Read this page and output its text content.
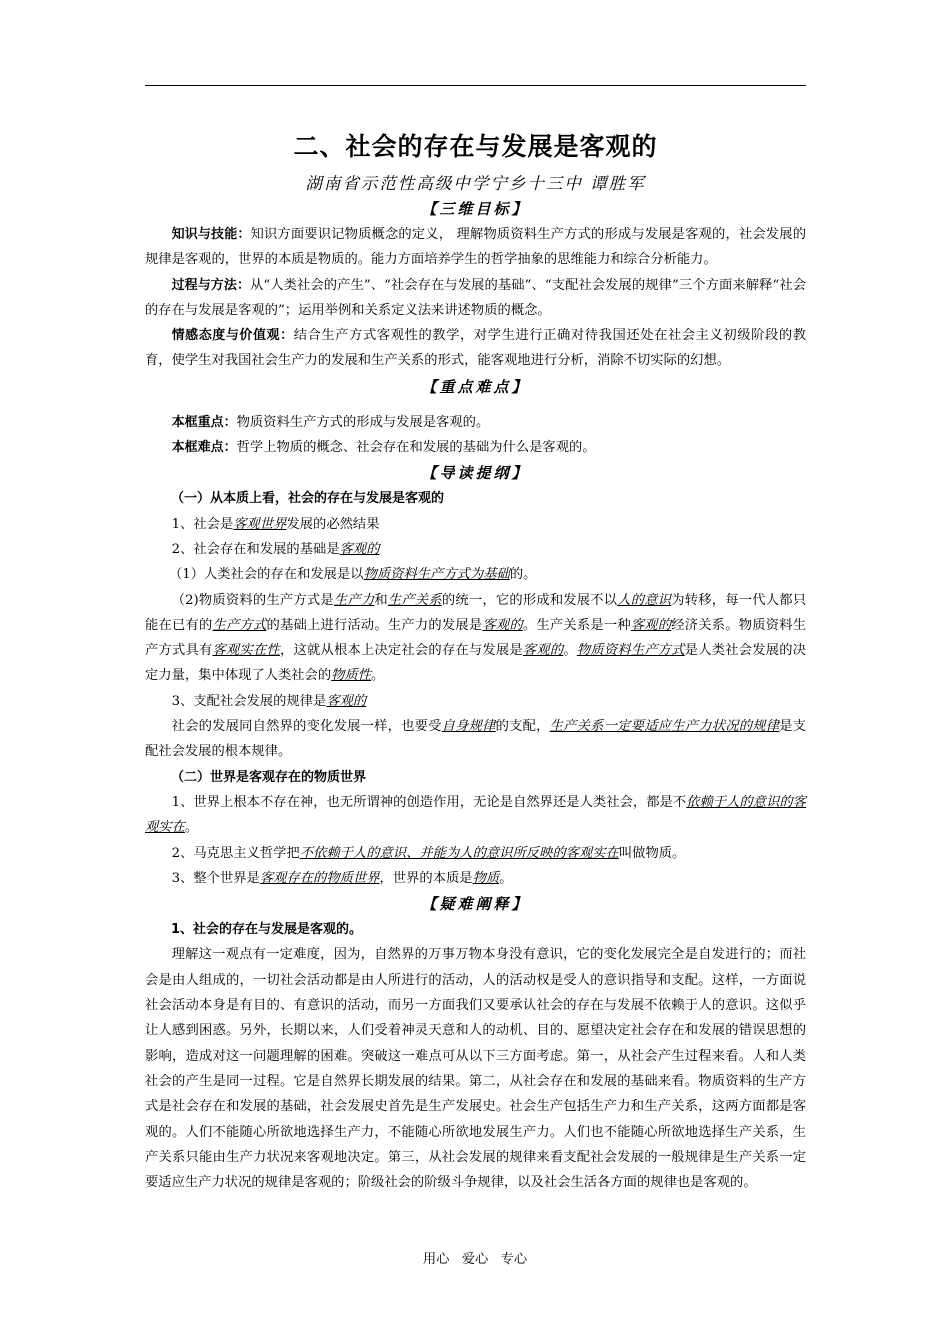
二、社会的存在与发展是客观的
湖南省示范性高级中学宁乡十三中 谭胜军
【三维目标】

知识与技能：知识方面要识记物质概念的定义， 理解物质资料生产方式的形成与发展是客观的，社会发展的规律是客观的，世界的本质是物质的。能力方面培养学生的哲学抽象的思维能力和综合分析能力。

过程与方法：从“人类社会的产生”、“社会存在与发展的基础”、“支配社会发展的规律”三个方面来解释“社会的存在与发展是客观的”；运用举例和关系定义法来讲述物质的概念。

情感态度与价值观：结合生产方式客观性的教学，对学生进行正确对待我国还处在社会主义初级阶段的教育，使学生对我国社会生产力的发展和生产关系的形式，能客观地进行分析，消除不切实际的幻想。

【重点难点】

本框重点：物质资料生产方式的形成与发展是客观的。

本框难点：哲学上物质的概念、社会存在和发展的基础为什么是客观的。

【导读提纲】

（一）从本质上看，社会的存在与发展是客观的

1、社会是客观世界发展的必然结果

2、社会存在和发展的基础是客观的

（1）人类社会的存在和发展是以物质资料生产方式为基础的。

（2)物质资料的生产方式是生产力和生产关系的统一，它的形成和发展不以人的意识为转移，每一代人都只能在已有的生产方式的基础上进行活动。生产力的发展是客观的。生产关系是一种客观的经济关系。物质资料生产方式具有客观实在性，这就从根本上决定社会的存在与发展是客观的。物质资料生产方式是人类社会发展的决定力量，集中体现了人类社会的物质性。

3、支配社会发展的规律是客观的

社会的发展同自然界的变化发展一样，也要受自身规律的支配，生产关系一定要适应生产力状况的规律是支配社会发展的根本规律。

（二）世界是客观存在的物质世界

1、世界上根本不存在神，也无所谓神的创造作用，无论是自然界还是人类社会，都是不依赖于人的意识的客观实在。

2、马克思主义哲学把不依赖于人的意识、并能为人的意识所反映的客观实在叫做物质。

3、整个世界是客观存在的物质世界，世界的本质是物质。

【疑难阐释】

1、社会的存在与发展是客观的。

理解这一观点有一定难度，因为，自然界的万事万物本身没有意识，它的变化发展完全是自发进行的；而社会是由人组成的，一切社会活动都是由人所进行的活动，人的活动权是受人的意识指导和支配。这样，一方面说社会活动本身是有目的、有意识的活动，而另一方面我们又要承认社会的存在与发展不依赖于人的意识。这似乎让人感到困惑。另外，长期以来，人们受着神灵天意和人的动机、目的、愿望决定社会存在和发展的错误思想的影响，造成对这一问题理解的困难。突破这一难点可从以下三方面考虑。第一，从社会产生过程来看。人和人类社会的产生是同一过程。它是自然界长期发展的结果。第二，从社会存在和发展的基础来看。物质资料的生产方式是社会存在和发展的基础，社会发展史首先是生产发展史。社会生产包括生产力和生产关系，这两方面都是客观的。人们不能随心所欲地选择生产力，不能随心所欲地发展生产力。人们也不能随心所欲地选择生产关系，生产关系只能由生产力状况来客观地决定。第三，从社会发展的规律来看支配社会发展的一般规律是生产关系一定要适应生产力状况的规律是客观的；阶级社会的阶级斗争规律，以及社会生活各方面的规律也是客观的。

用心 爱心 专心
